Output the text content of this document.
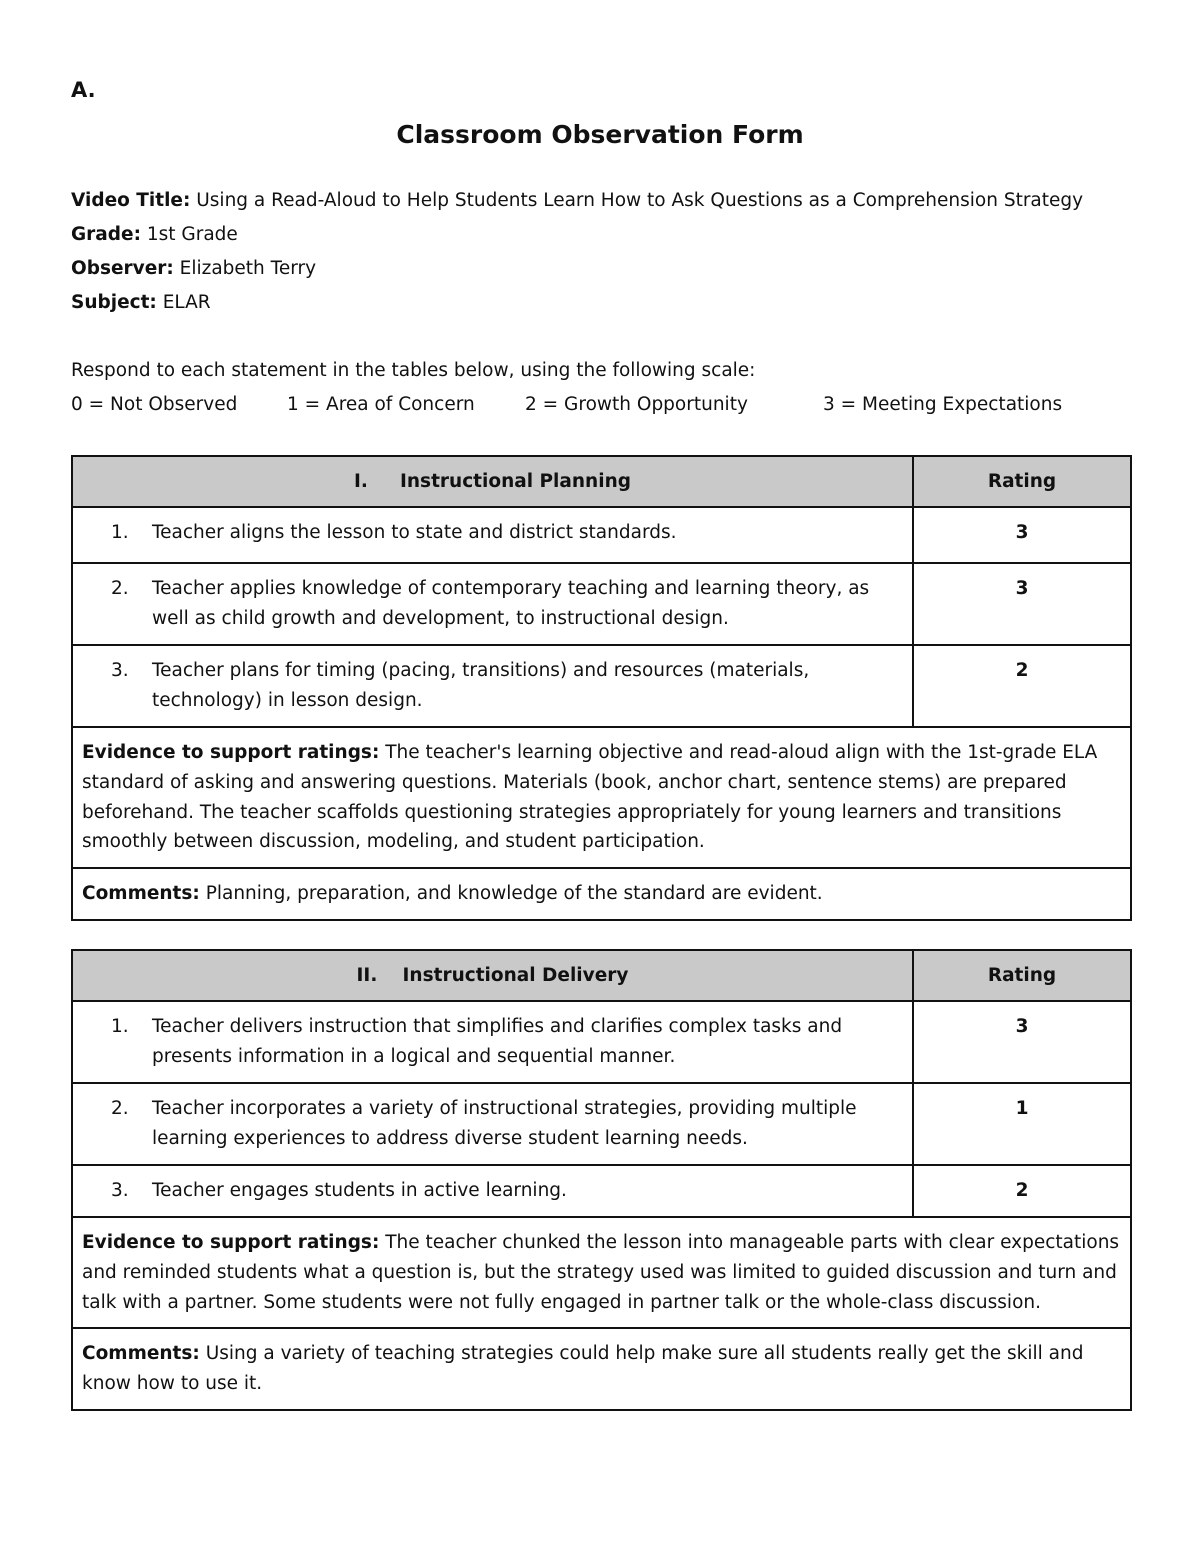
A.
Classroom Observation Form
Video Title: Using a Read-Aloud to Help Students Learn How to Ask Questions as a Comprehension Strategy
Grade: 1st Grade
Observer: Elizabeth Terry
Subject: ELAR
Respond to each statement in the tables below, using the following scale:
0 = Not Observed	1 = Area of Concern	2 = Growth Opportunity	3 = Meeting Expectations
I. Instructional Planning	Rating

1. Teacher aligns the lesson to state and district standards.	3

2. Teacher applies knowledge of contemporary teaching and learning theory, as well as child growth and development, to instructional design.	3

3. Teacher plans for timing (pacing, transitions) and resources (materials, technology) in lesson design.	2
Evidence to support ratings: The teacher's learning objective and read-aloud align with the 1st-grade ELA standard of asking and answering questions. Materials (book, anchor chart, sentence stems) are prepared beforehand. The teacher scaffolds questioning strategies appropriately for young learners and transitions smoothly between discussion, modeling, and student participation.	
Comments: Planning, preparation, and knowledge of the standard are evident.	
II. Instructional Delivery	Rating

1. Teacher delivers instruction that simplifies and clarifies complex tasks and presents information in a logical and sequential manner.	3

2. Teacher incorporates a variety of instructional strategies, providing multiple learning experiences to address diverse student learning needs.	1

3. Teacher engages students in active learning.	2
Evidence to support ratings: The teacher chunked the lesson into manageable parts with clear expectations and reminded students what a question is, but the strategy used was limited to guided discussion and turn and talk with a partner. Some students were not fully engaged in partner talk or the whole-class discussion.	
Comments: Using a variety of teaching strategies could help make sure all students really get the skill and know how to use it.	
